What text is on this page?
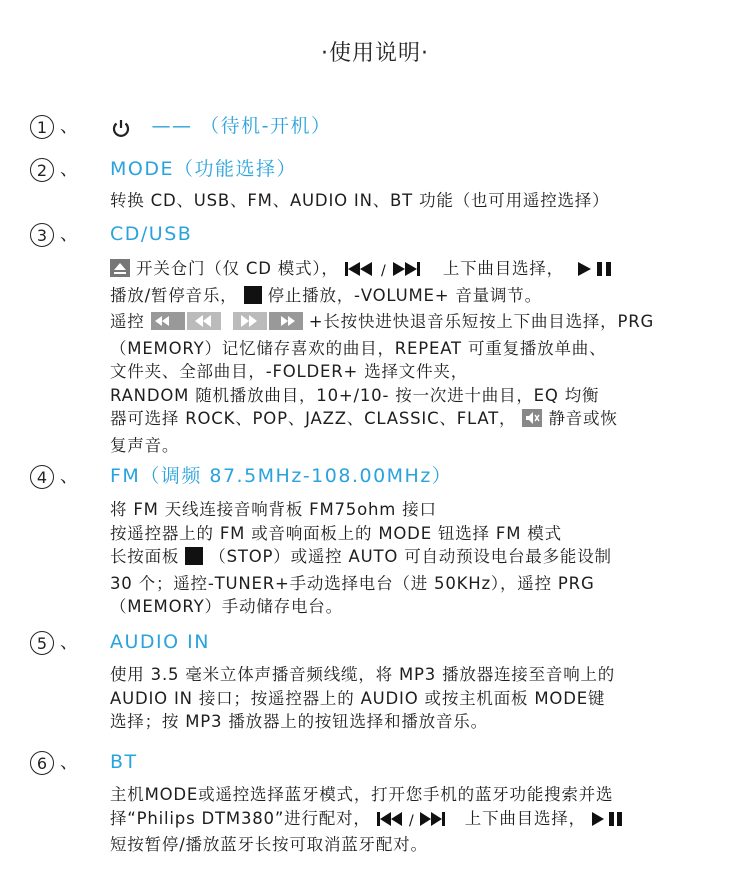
·使用说明·
1 、	—— （待机-开机）
2 、 MODE（功能选择）
转换 CD、USB、FM、AUDIO IN、BT 功能（也可用遥控选择）
3 、 CD/USB
开关仓门（仅 CD 模式），	/	上下曲目选择，
播放/暂停音乐， 停止播放，-VOLUME+ 音量调节。
遥控	+长按快进快退音乐短按上下曲目选择，PRG
（MEMORY）记忆储存喜欢的曲目，REPEAT 可重复播放单曲、
文件夹、全部曲目，-FOLDER+ 选择文件夹，
RANDOM 随机播放曲目，10+/10- 按一次进十曲目，EQ 均衡
器可选择 ROCK、POP、JAZZ、CLASSIC、FLAT， 静音或恢
复声音。
4 、 FM（调频 87.5MHz-108.00MHz）
将 FM 天线连接音响背板 FM75ohm 接口
按遥控器上的 FM 或音响面板上的 MODE 钮选择 FM 模式
长按面板 （STOP）或遥控 AUTO 可自动预设电台最多能设制
30 个；遥控-TUNER+手动选择电台（进 50KHz），遥控 PRG
（MEMORY）手动储存电台。
5 、 AUDIO IN
使用 3.5 毫米立体声播音频线缆，将 MP3 播放器连接至音响上的
AUDIO IN 接口；按遥控器上的 AUDIO 或按主机面板 MODE键
选择；按 MP3 播放器上的按钮选择和播放音乐。
6 、 BT
主机MODE或遥控选择蓝牙模式，打开您手机的蓝牙功能搜索并选
择“Philips DTM380”进行配对，	/	上下曲目选择，
短按暂停/播放蓝牙长按可取消蓝牙配对。
